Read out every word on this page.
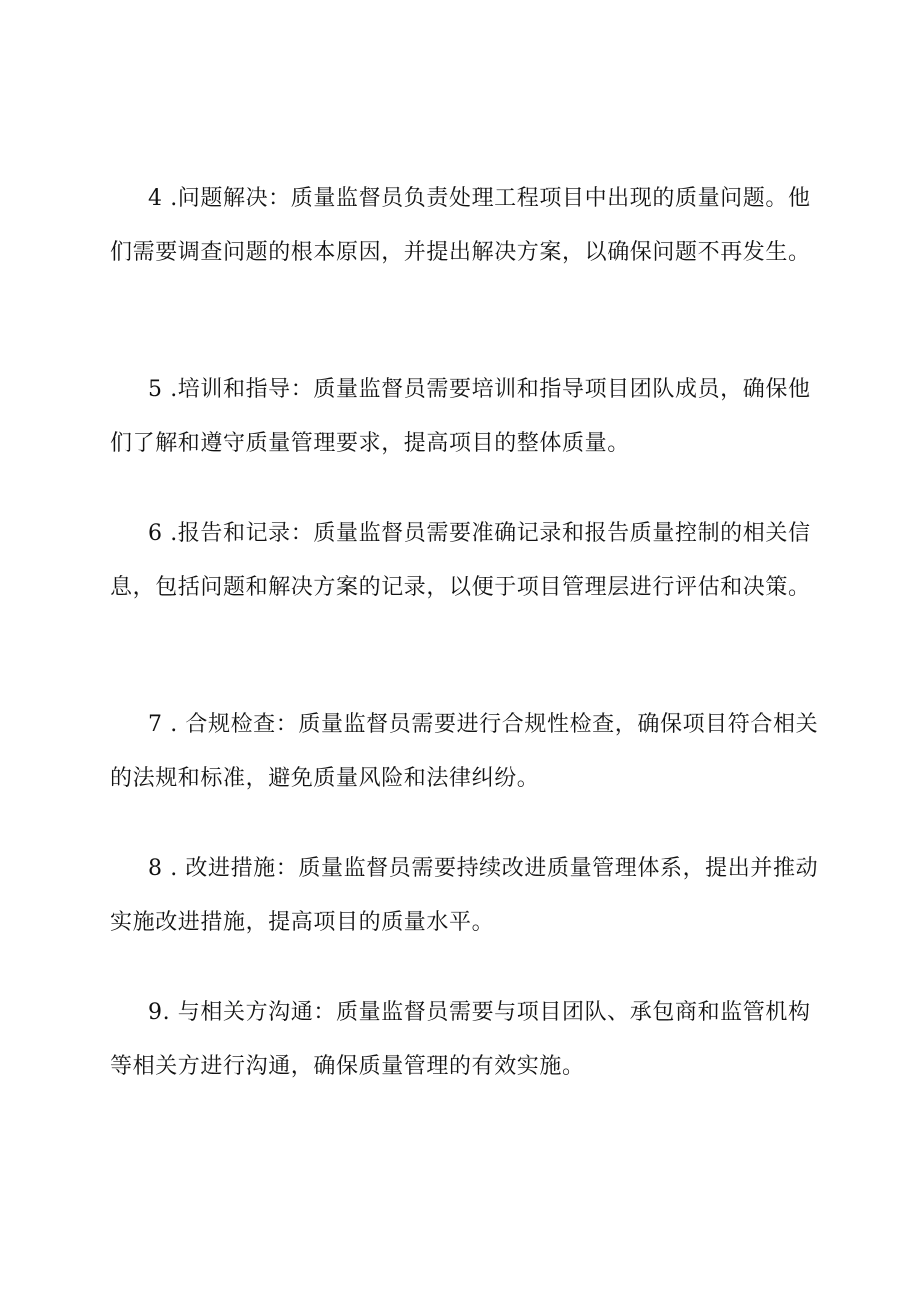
4 .问题解决：质量监督员负责处理工程项目中出现的质量问题。他们需要调查问题的根本原因，并提出解决方案，以确保问题不再发生。

5 .培训和指导：质量监督员需要培训和指导项目团队成员，确保他们了解和遵守质量管理要求，提高项目的整体质量。

6 .报告和记录：质量监督员需要准确记录和报告质量控制的相关信息，包括问题和解决方案的记录，以便于项目管理层进行评估和决策。

7 . 合规检查：质量监督员需要进行合规性检查，确保项目符合相关的法规和标准，避免质量风险和法律纠纷。

8 . 改进措施：质量监督员需要持续改进质量管理体系，提出并推动实施改进措施，提高项目的质量水平。

9. 与相关方沟通：质量监督员需要与项目团队、承包商和监管机构等相关方进行沟通，确保质量管理的有效实施。
